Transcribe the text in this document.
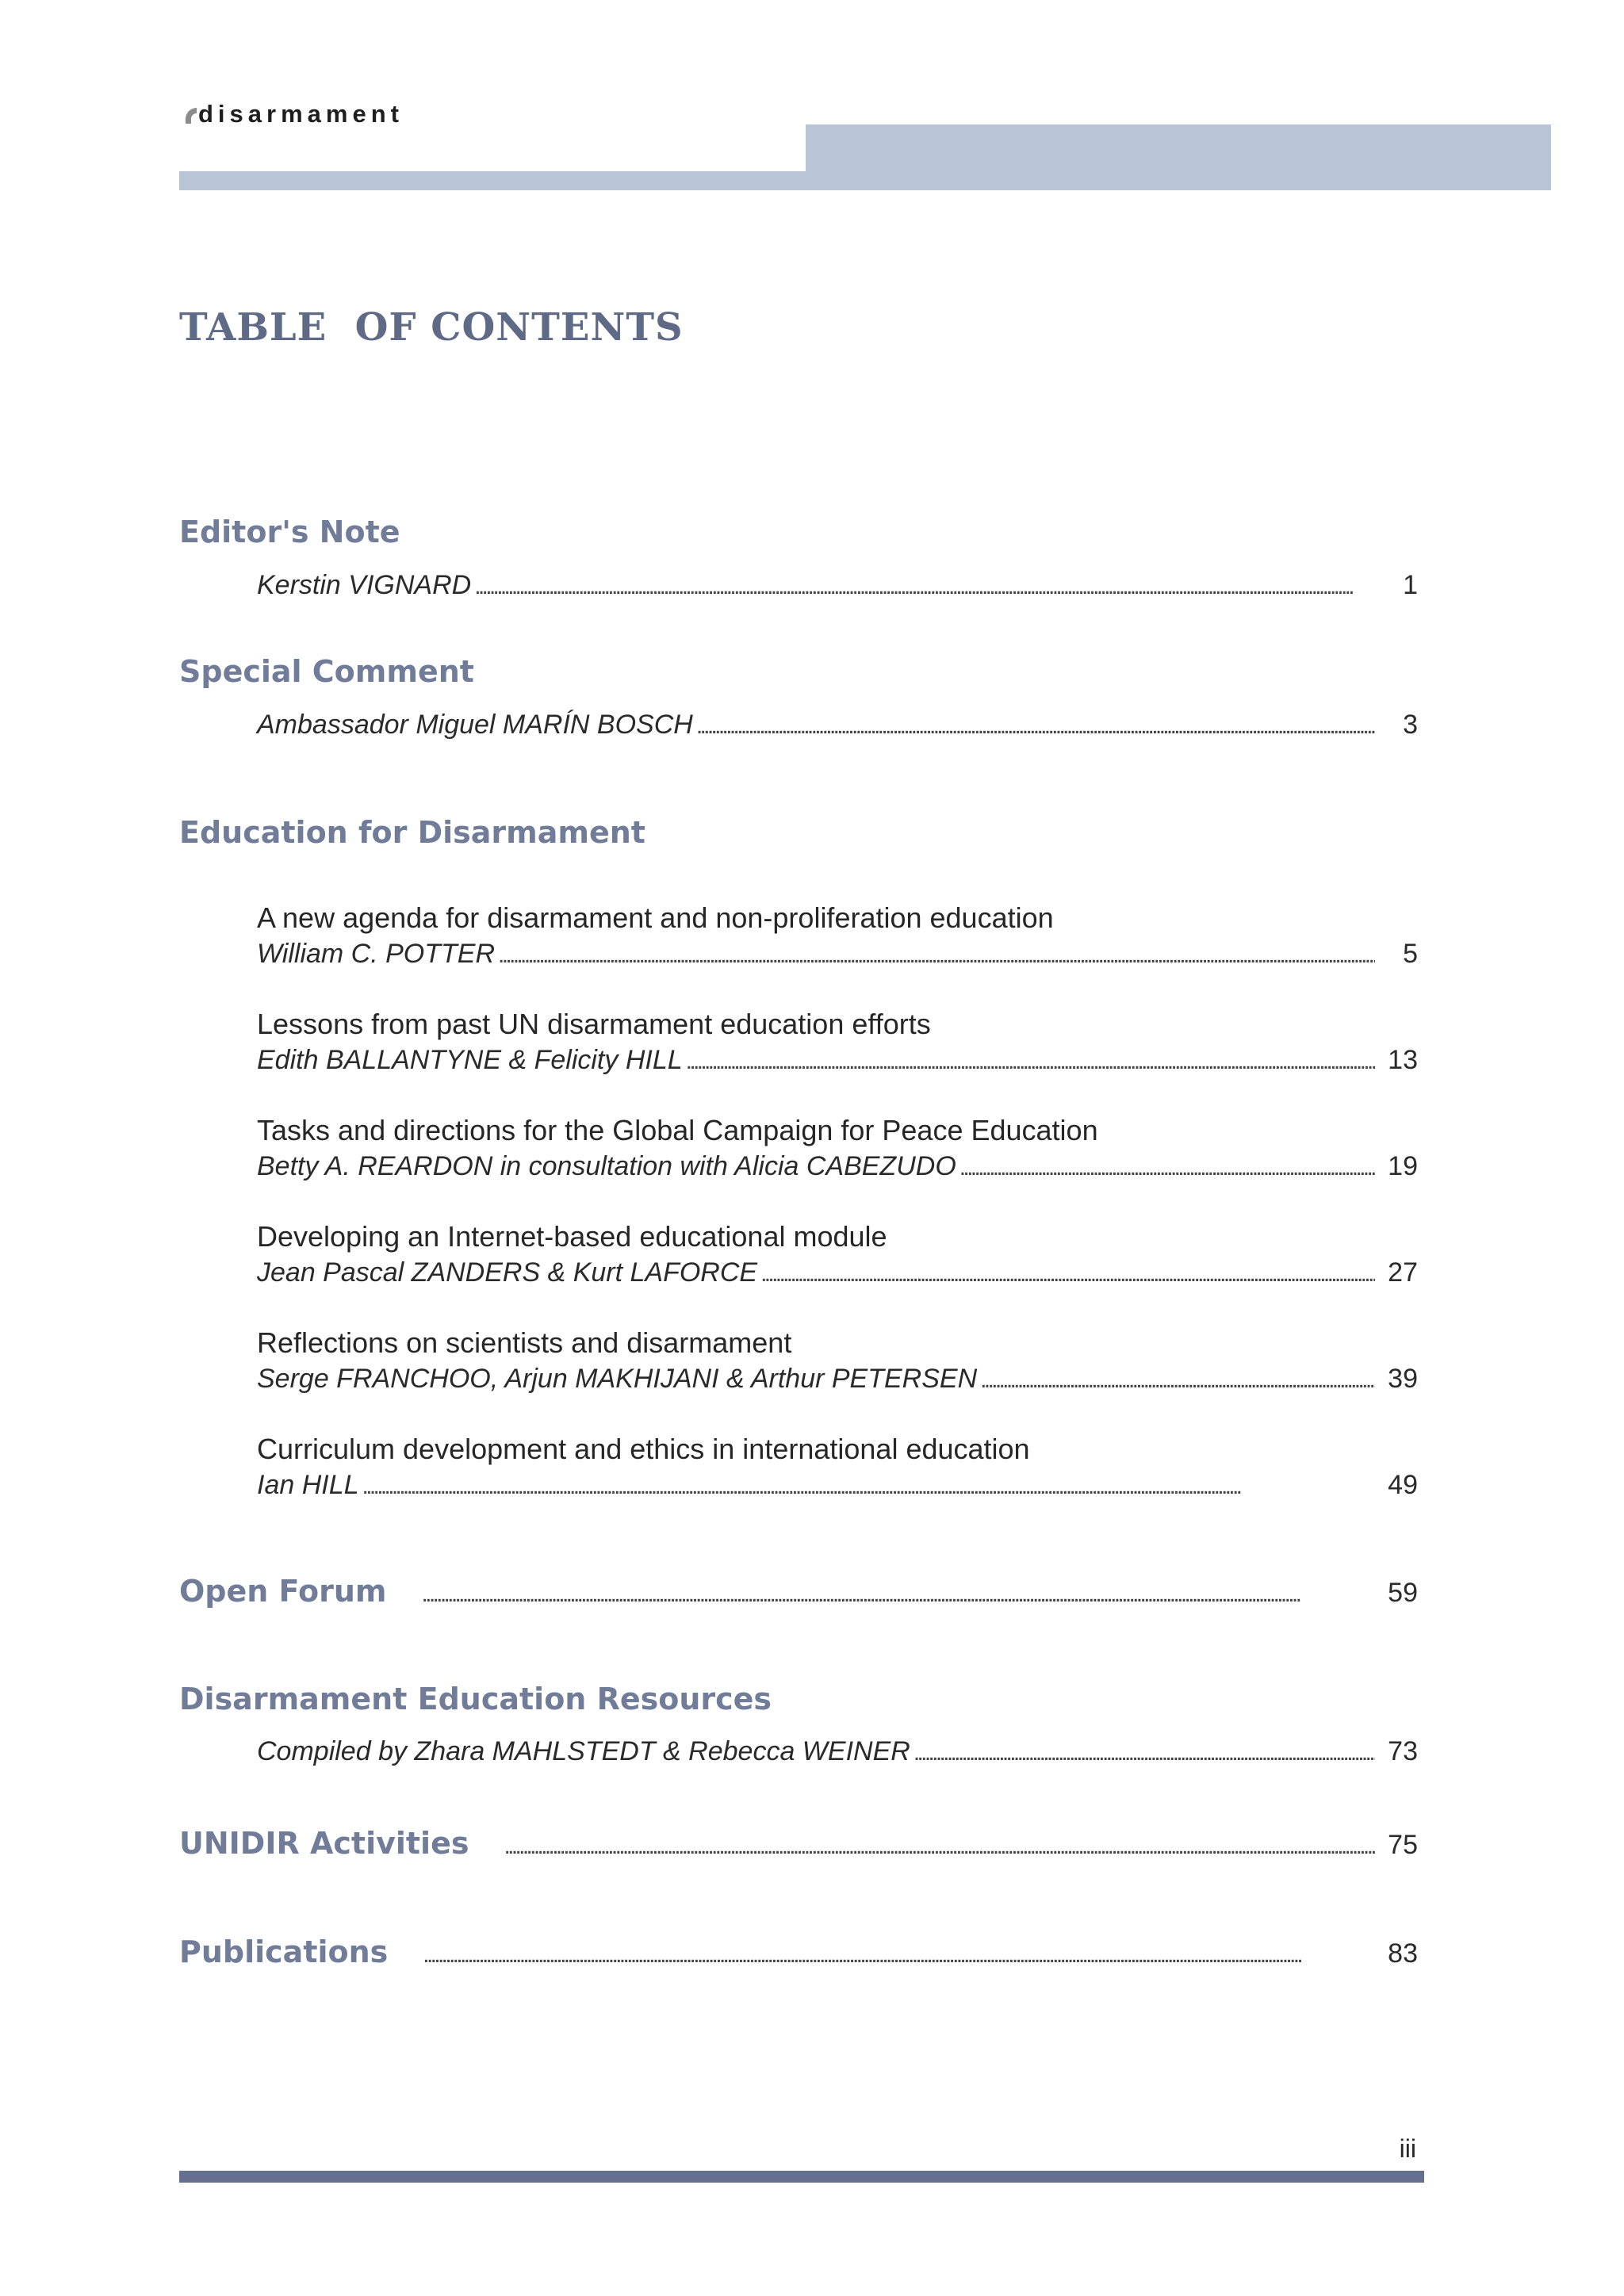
disarmament
TABLE  OF CONTENTS
Editor's Note
Kerstin VIGNARD . . .	1
Special Comment
Ambassador Miguel MARÍN BOSCH . . .	3
Education for Disarmament
A new agenda for disarmament and non-proliferation education
William C. POTTER . . .	5
Lessons from past UN disarmament education efforts
Edith BALLANTYNE & Felicity HILL . . .	13
Tasks and directions for the Global Campaign for Peace Education
Betty A. REARDON in consultation with Alicia CABEZUDO . . .	19
Developing an Internet-based educational module
Jean Pascal ZANDERS & Kurt LAFORCE . . .	27
Reflections on scientists and disarmament
Serge FRANCHOO, Arjun MAKHIJANI & Arthur PETERSEN . . .	39
Curriculum development and ethics in international education
Ian HILL . . .	49
Open Forum . . .	59
Disarmament Education Resources
Compiled by Zhara MAHLSTEDT & Rebecca WEINER . . .	73
UNIDIR Activities . . .	75
Publications . . .	83
iii
